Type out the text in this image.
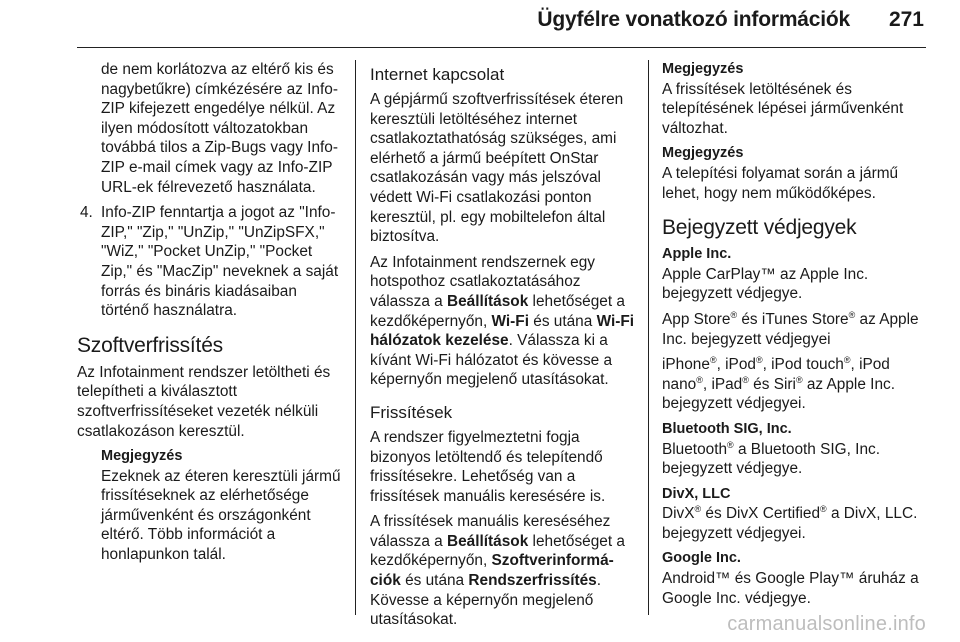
Ügyfélre vonatkozó információk 271

de nem korlátozva az eltérő kis és nagybetűkre) címkézésére az Info-ZIP kifejezett engedélye nélkül. Az ilyen módosított változatokban továbbá tilos a Zip-Bugs vagy Info-ZIP e-mail címek vagy az Info-ZIP URL-ek félrevezető használata.

4. Info-ZIP fenntartja a jogot az "Info-ZIP," "Zip," "UnZip," "UnZipSFX," "WiZ," "Pocket UnZip," "Pocket Zip," és "MacZip" neveknek a saját forrás és bináris kiadásaiban történő használatra.
Szoftverfrissítés

Az Infotainment rendszer letöltheti és telepítheti a kiválasztott szoftverfrissítéseket vezeték nélküli csatlakozáson keresztül.

Megjegyzés

Ezeknek az éteren keresztüli jármű frissítéseknek az elérhetősége járművenként és országonként eltérő. Több információt a honlapunkon talál.

Internet kapcsolat

A gépjármű szoftverfrissítések éteren keresztüli letöltéséhez internet csatlakoztathatóság szükséges, ami elérhető a jármű beépített OnStar csatlakozásán vagy más jelszóval védett Wi-Fi csatlakozási ponton keresztül, pl. egy mobiltelefon által biztosítva.

Az Infotainment rendszernek egy hotspothoz csatlakoztatásához válassza a Beállítások lehetőséget a kezdőképernyőn, Wi-Fi és utána Wi-Fi hálózatok kezelése. Válassza ki a kívánt Wi-Fi hálózatot és kövesse a képernyőn megjelenő utasításokat.

Frissítések

A rendszer figyelmeztetni fogja bizonyos letöltendő és telepítendő frissítésekre. Lehetőség van a frissítések manuális keresésére is.

A frissítések manuális kereséséhez válassza a Beállítások lehetőséget a kezdőképernyőn, Szoftverinformá-
ciók és utána Rendszerfrissítés. Kövesse a képernyőn megjelenő utasításokat.

Megjegyzés

A frissítések letöltésének és telepítésének lépései járművenként változhat.

Megjegyzés

A telepítési folyamat során a jármű lehet, hogy nem működőképes.

Bejegyzett védjegyek
Apple Inc.

Apple CarPlay™ az Apple Inc. bejegyzett védjegye.

App Store® és iTunes Store® az Apple Inc. bejegyzett védjegyei

iPhone®, iPod®, iPod touch®, iPod nano®, iPad® és Siri® az Apple Inc. bejegyzett védjegyei.

Bluetooth SIG, Inc.

Bluetooth® a Bluetooth SIG, Inc. bejegyzett védjegye.

DivX, LLC

DivX® és DivX Certified® a DivX, LLC. bejegyzett védjegyei.

Google Inc.

Android™ és Google Play™ áruház a Google Inc. védjegye.

carmanualsonline.info
